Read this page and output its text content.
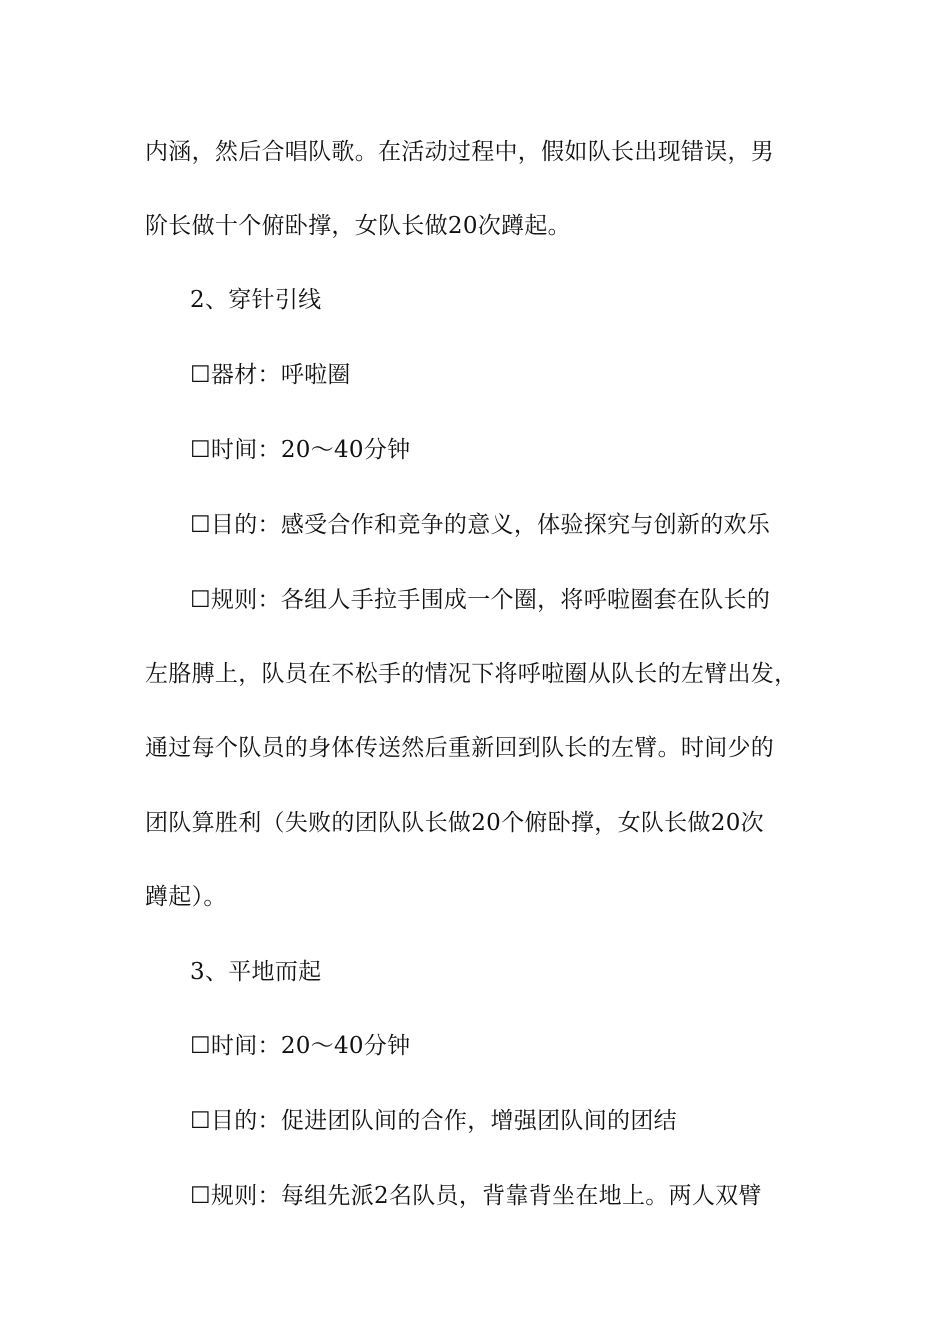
内涵，然后合唱队歌。在活动过程中，假如队长出现错误，男
阶长做十个俯卧撑，女队长做20次蹲起。
2、穿针引线
☐器材：呼啦圈
☐时间：20～40分钟
☐目的：感受合作和竞争的意义，体验探究与创新的欢乐
☐规则：各组人手拉手围成一个圈，将呼啦圈套在队长的
左胳膊上，队员在不松手的情况下将呼啦圈从队长的左臂出发，
通过每个队员的身体传送然后重新回到队长的左臂。时间少的
团队算胜利（失败的团队队长做20个俯卧撑，女队长做20次
蹲起）。
3、平地而起
☐时间：20～40分钟
☐目的：促进团队间的合作，增强团队间的团结
☐规则：每组先派2名队员，背靠背坐在地上。两人双臂
